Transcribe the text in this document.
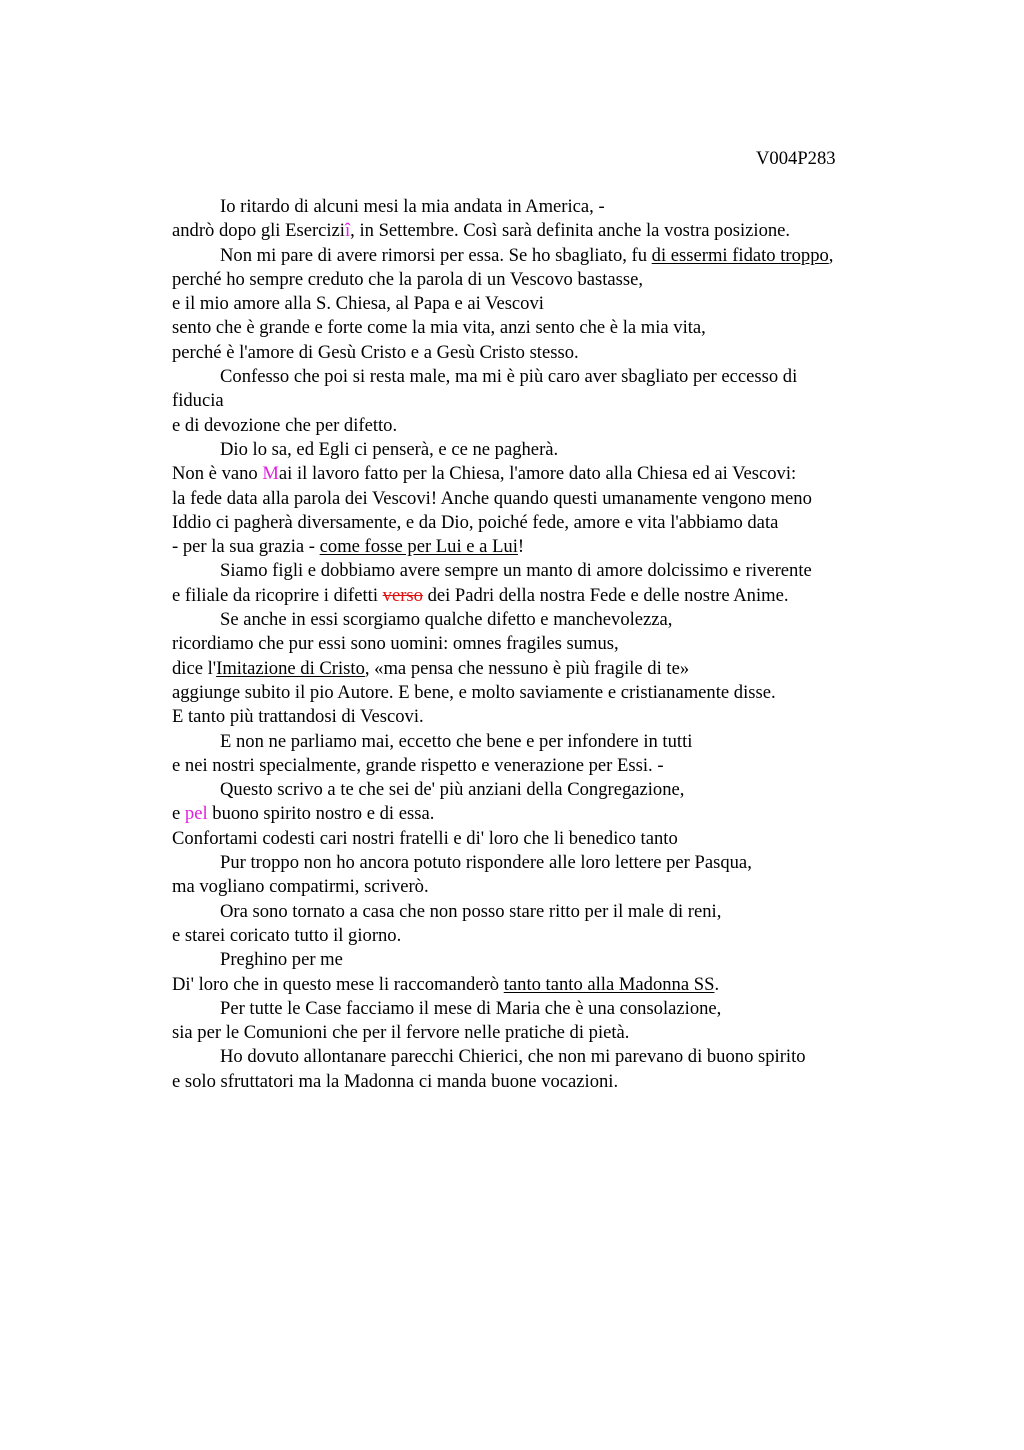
V004P283
Io ritardo di alcuni mesi la mia andata in America, -
andrò dopo gli Eserciziî, in Settembre. Così sarà definita anche la vostra posizione.
Non mi pare di avere rimorsi per essa. Se ho sbagliato, fu di essermi fidato troppo,
perché ho sempre creduto che la parola di un Vescovo bastasse,
e il mio amore alla S. Chiesa, al Papa e ai Vescovi
sento che è grande e forte come la mia vita, anzi sento che è la mia vita,
perché è l'amore di Gesù Cristo e a Gesù Cristo stesso.
Confesso che poi si resta male, ma mi è più caro aver sbagliato per eccesso di
fiducia
e di devozione che per difetto.
Dio lo sa, ed Egli ci penserà, e ce ne pagherà.
Non è vano Mai il lavoro fatto per la Chiesa, l'amore dato alla Chiesa ed ai Vescovi:
la fede data alla parola dei Vescovi! Anche quando questi umanamente vengono meno
Iddio ci pagherà diversamente, e da Dio, poiché fede, amore e vita l'abbiamo data
- per la sua grazia - come fosse per Lui e a Lui!
Siamo figli e dobbiamo avere sempre un manto di amore dolcissimo e riverente
e filiale da ricoprire i difetti verso dei Padri della nostra Fede e delle nostre Anime.
Se anche in essi scorgiamo qualche difetto e manchevolezza,
ricordiamo che pur essi sono uomini: omnes fragiles sumus,
dice l'Imitazione di Cristo, «ma pensa che nessuno è più fragile di te»
aggiunge subito il pio Autore. E bene, e molto saviamente e cristianamente disse.
E tanto più trattandosi di Vescovi.
E non ne parliamo mai, eccetto che bene e per infondere in tutti
e nei nostri specialmente, grande rispetto e venerazione per Essi. -
Questo scrivo a te che sei de' più anziani della Congregazione,
e pel buono spirito nostro e di essa.
Confortami codesti cari nostri fratelli e di' loro che li benedico tanto
Pur troppo non ho ancora potuto rispondere alle loro lettere per Pasqua,
ma vogliano compatirmi, scriverò.
Ora sono tornato a casa che non posso stare ritto per il male di reni,
e starei coricato tutto il giorno.
Preghino per me
Di' loro che in questo mese li raccomanderò tanto tanto alla Madonna SS.
Per tutte le Case facciamo il mese di Maria che è una consolazione,
sia per le Comunioni che per il fervore nelle pratiche di pietà.
Ho dovuto allontanare parecchi Chierici, che non mi parevano di buono spirito
e solo sfruttatori ma la Madonna ci manda buone vocazioni.
